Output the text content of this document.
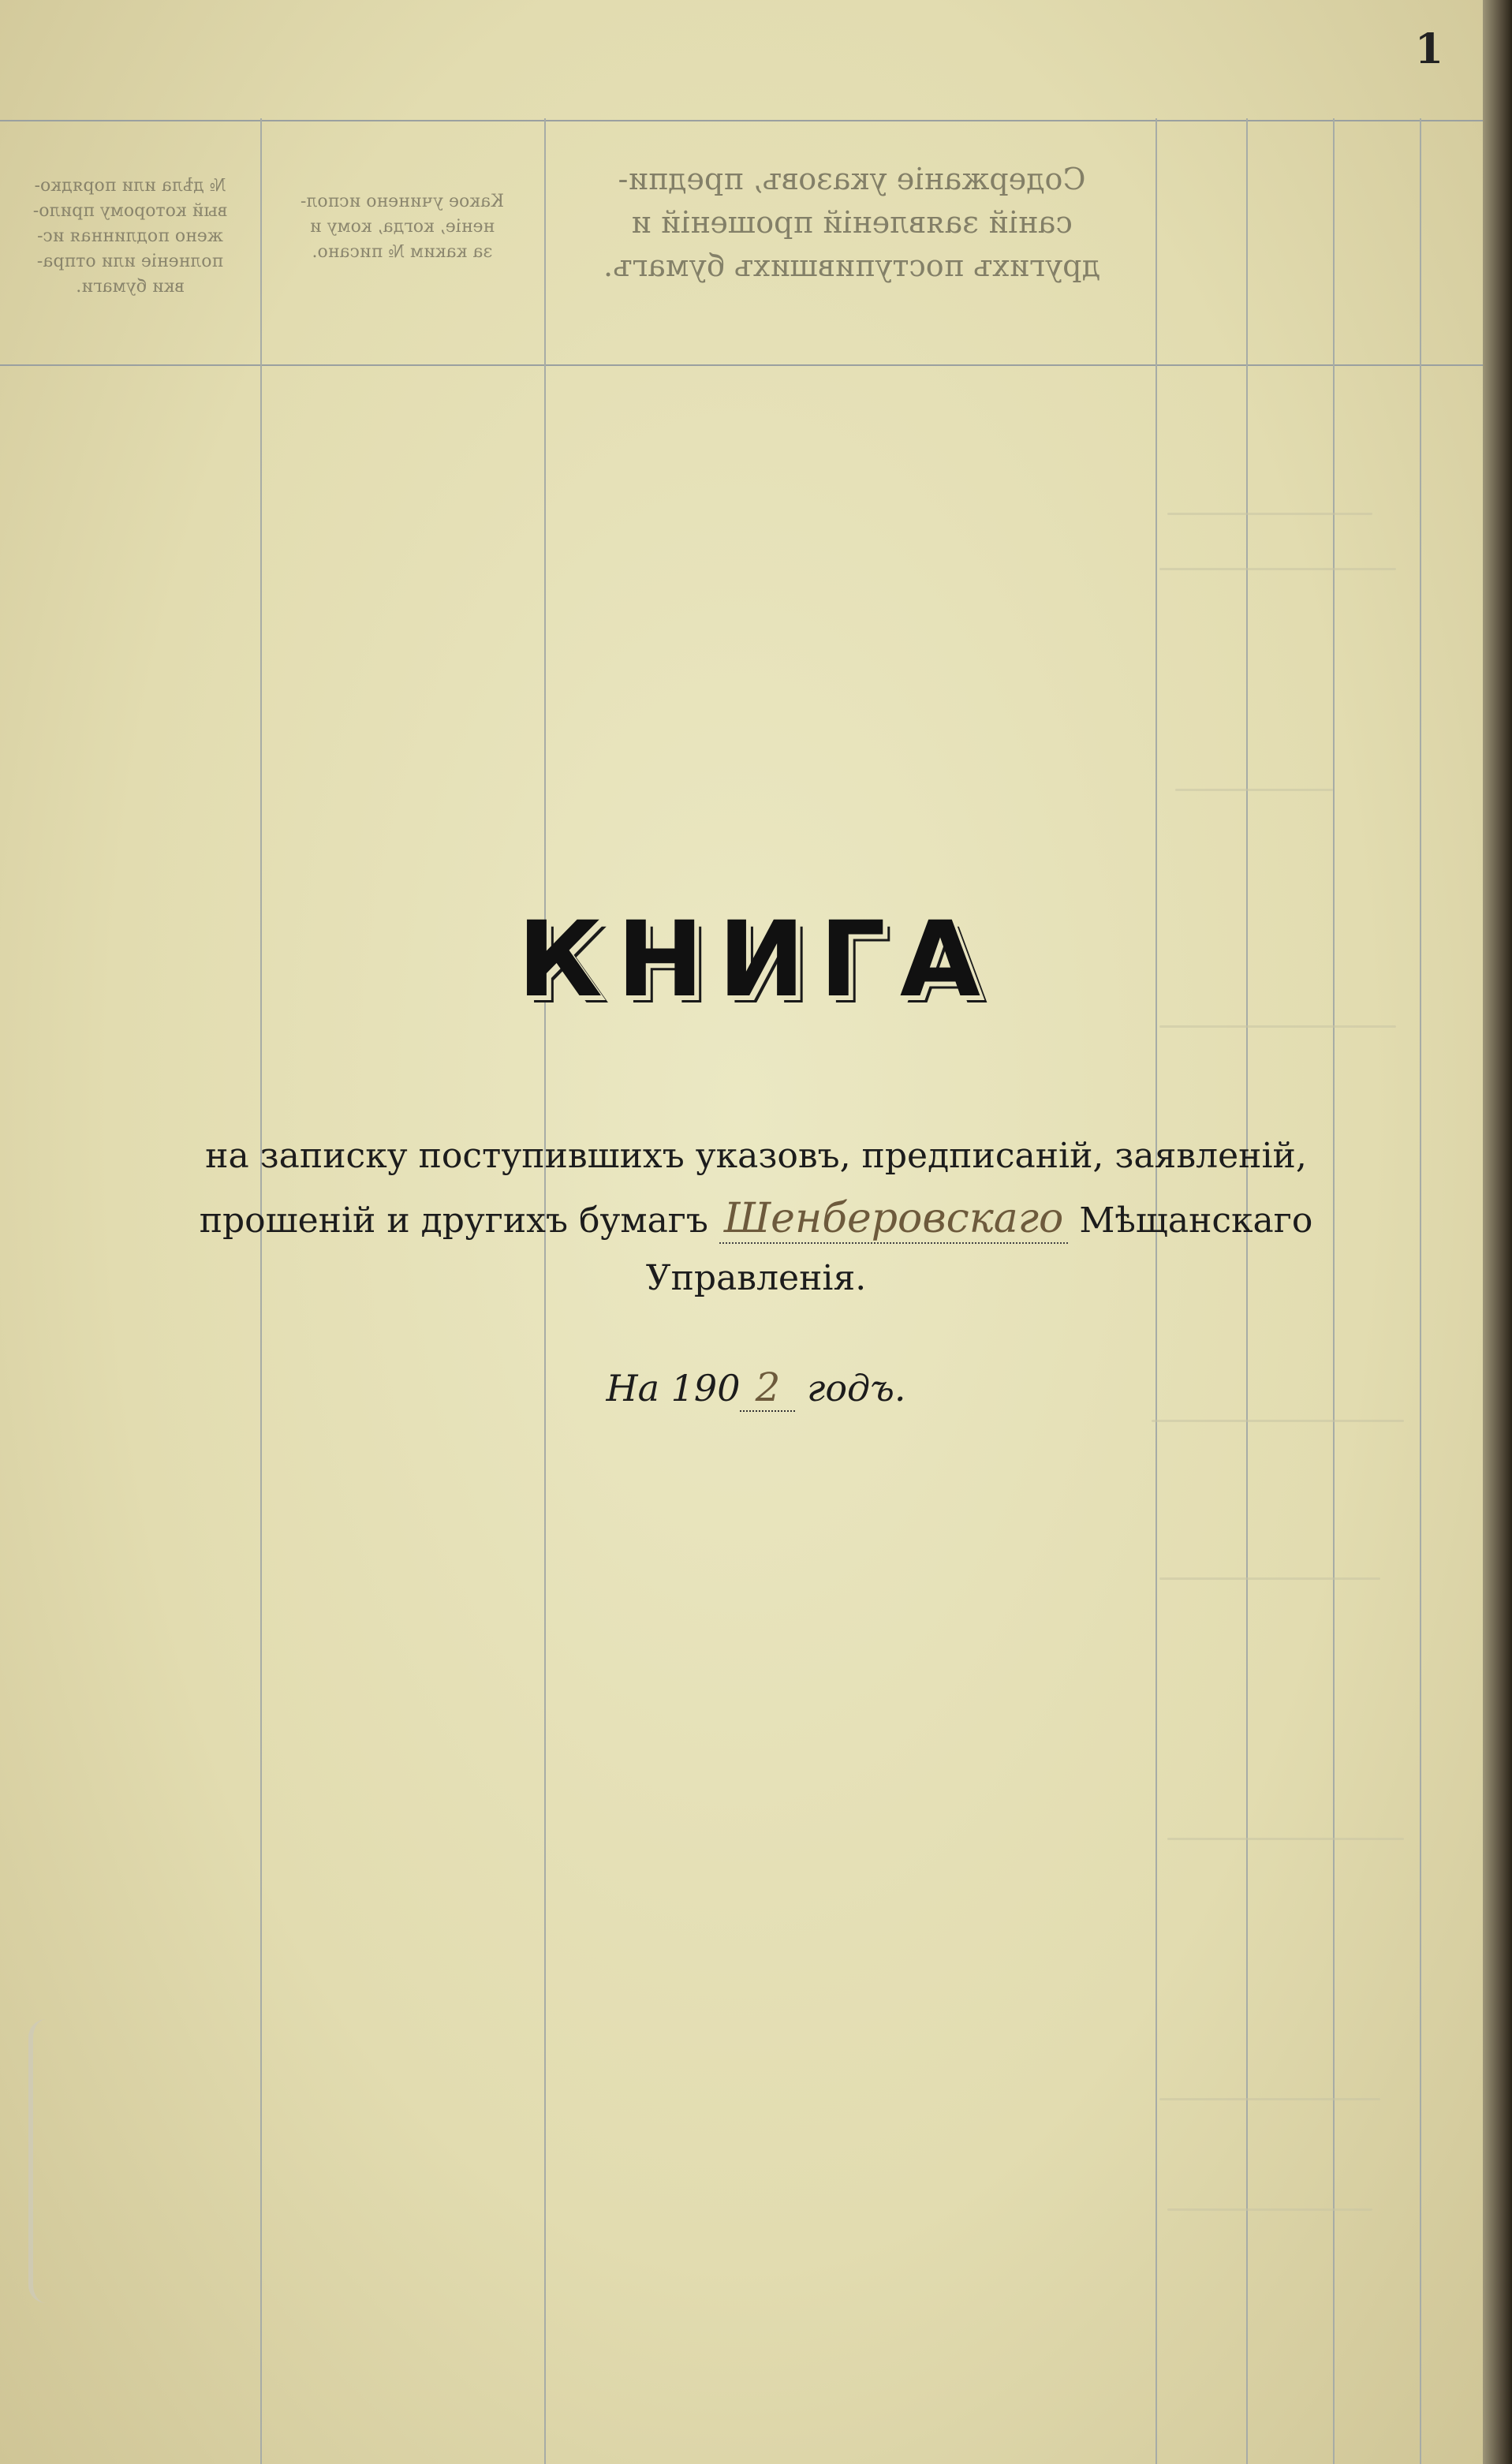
Содержаніе указовъ, предпи-
саній заявленій прошеній и
другихъ поступившихъ бумагъ.
Какое учинено испол-
неніе, когда, кому и
за каким № писано.
№ дѣла или порядко-
вый которому прило-
жено подлинная ис-
полненіе или отпра-
вки бумаги.
1
КНИГА
на записку поступившихъ указовъ, предписаній, заявленій,
прошеній и другихъ бумагъ Шенберовскаго Мѣщанскаго
Управленія.
На 190 2 годъ.
